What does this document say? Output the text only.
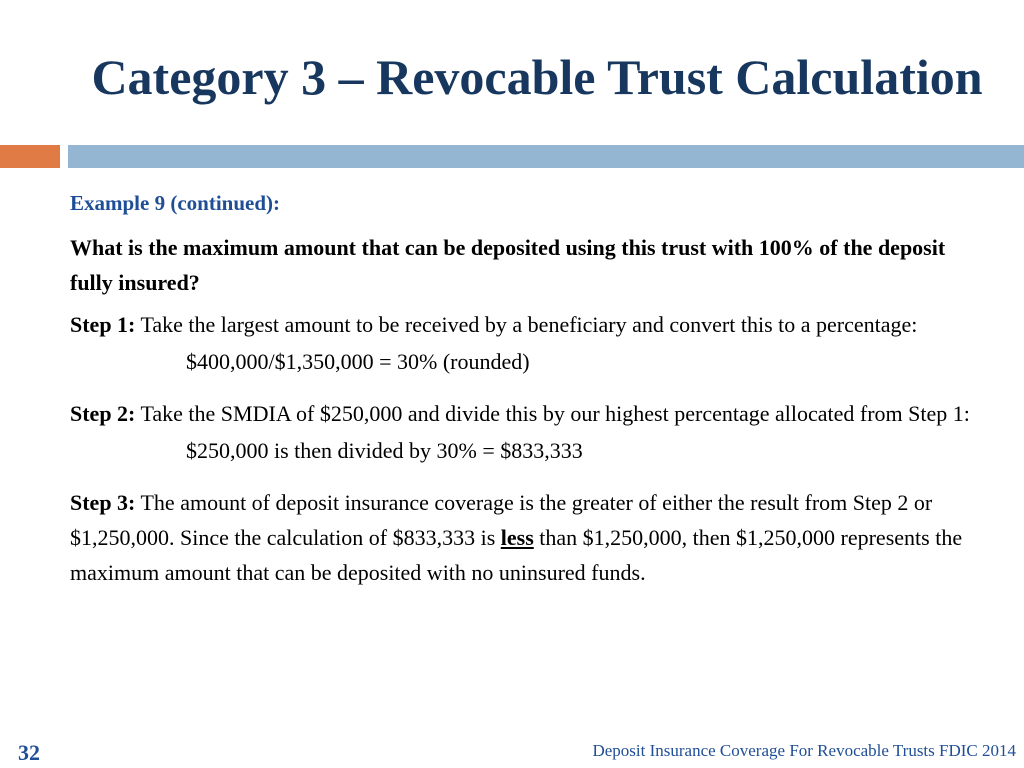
Category 3 – Revocable Trust Calculation

Example 9 (continued):

What is the maximum amount that can be deposited using this trust with 100% of the deposit fully insured?

Step 1: Take the largest amount to be received by a beneficiary and convert this to a percentage:

$400,000/$1,350,000 = 30% (rounded)

Step 2: Take the SMDIA of $250,000 and divide this by our highest percentage allocated from Step 1:

$250,000 is then divided by 30% = $833,333

Step 3: The amount of deposit insurance coverage is the greater of either the result from Step 2 or $1,250,000. Since the calculation of $833,333 is less than $1,250,000, then $1,250,000 represents the maximum amount that can be deposited with no uninsured funds.

32	Deposit Insurance Coverage For Revocable Trusts FDIC 2014
